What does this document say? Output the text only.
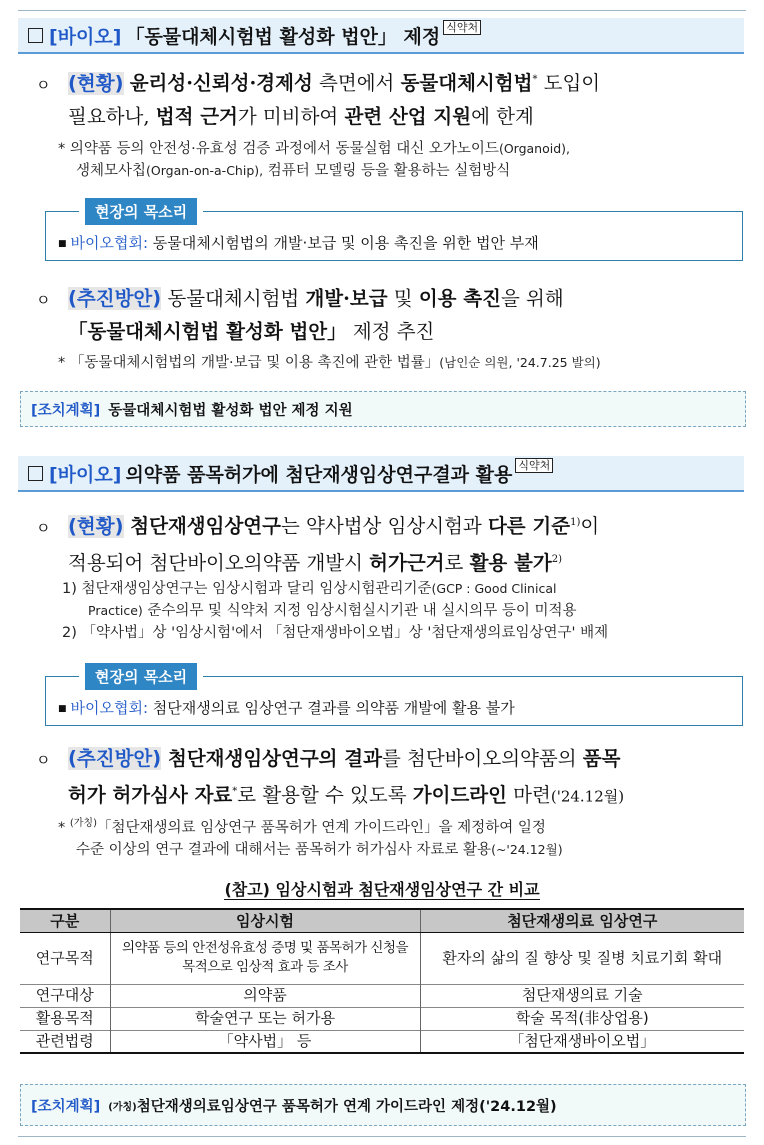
[바이오] 「동물대체시험법 활성화 법안」 제정 식약처
ㅇ (현황) 윤리성·신뢰성·경제성 측면에서 동물대체시험법* 도입이
필요하나, 법적 근거가 미비하여 관련 산업 지원에 한계
* 의약품 등의 안전성·유효성 검증 과정에서 동물실험 대신 오가노이드(Organoid),
생체모사칩(Organ-on-a-Chip), 컴퓨터 모델링 등을 활용하는 실험방식
현장의 목소리
■ 바이오협회: 동물대체시험법의 개발·보급 및 이용 촉진을 위한 법안 부재
ㅇ (추진방안) 동물대체시험법 개발·보급 및 이용 촉진을 위해
「동물대체시험법 활성화 법안」 제정 추진
* 「동물대체시험법의 개발·보급 및 이용 촉진에 관한 법률」(남인순 의원, '24.7.25 발의)
[조치계획] 동물대체시험법 활성화 법안 제정 지원
[바이오] 의약품 품목허가에 첨단재생임상연구결과 활용 식약처
ㅇ (현황) 첨단재생임상연구는 약사법상 임상시험과 다른 기준$^{1)}$이
적용되어 첨단바이오의약품 개발시 허가근거로 활용 불가$^{2)}$
1) 첨단재생임상연구는 임상시험과 달리 임상시험관리기준(GCP : Good Clinical
Practice) 준수의무 및 식약처 지정 임상시험실시기관 내 실시의무 등이 미적용
2) 「약사법」상 '임상시험'에서 「첨단재생바이오법」상 '첨단재생의료임상연구' 배제
현장의 목소리
■ 바이오협회: 첨단재생의료 임상연구 결과를 의약품 개발에 활용 불가
ㅇ (추진방안) 첨단재생임상연구의 결과를 첨단바이오의약품의 품목
허가 허가심사 자료*로 활용할 수 있도록 가이드라인 마련('24.12월)
* $^{(가칭)}$「첨단재생의료 임상연구 품목허가 연계 가이드라인」을 제정하여 일정
수준 이상의 연구 결과에 대해서는 품목허가 허가심사 자료로 활용(~'24.12월)
(참고) 임상시험과 첨단재생임상연구 간 비교
구분	임상시험	첨단재생의료 임상연구
연구목적	의약품 등의 안전성유효성 증명 및 품목허가 신청을 목적으로 임상적 효과 등 조사	환자의 삶의 질 향상 및 질병 치료기회 확대
연구대상	의약품	첨단재생의료 기술
활용목적	학술연구 또는 허가용	학술 목적(非상업용)
관련법령	「약사법」 등	「첨단재생바이오법」
[조치계획] (가칭) 첨단재생의료임상연구 품목허가 연계 가이드라인 제정('24.12월)
